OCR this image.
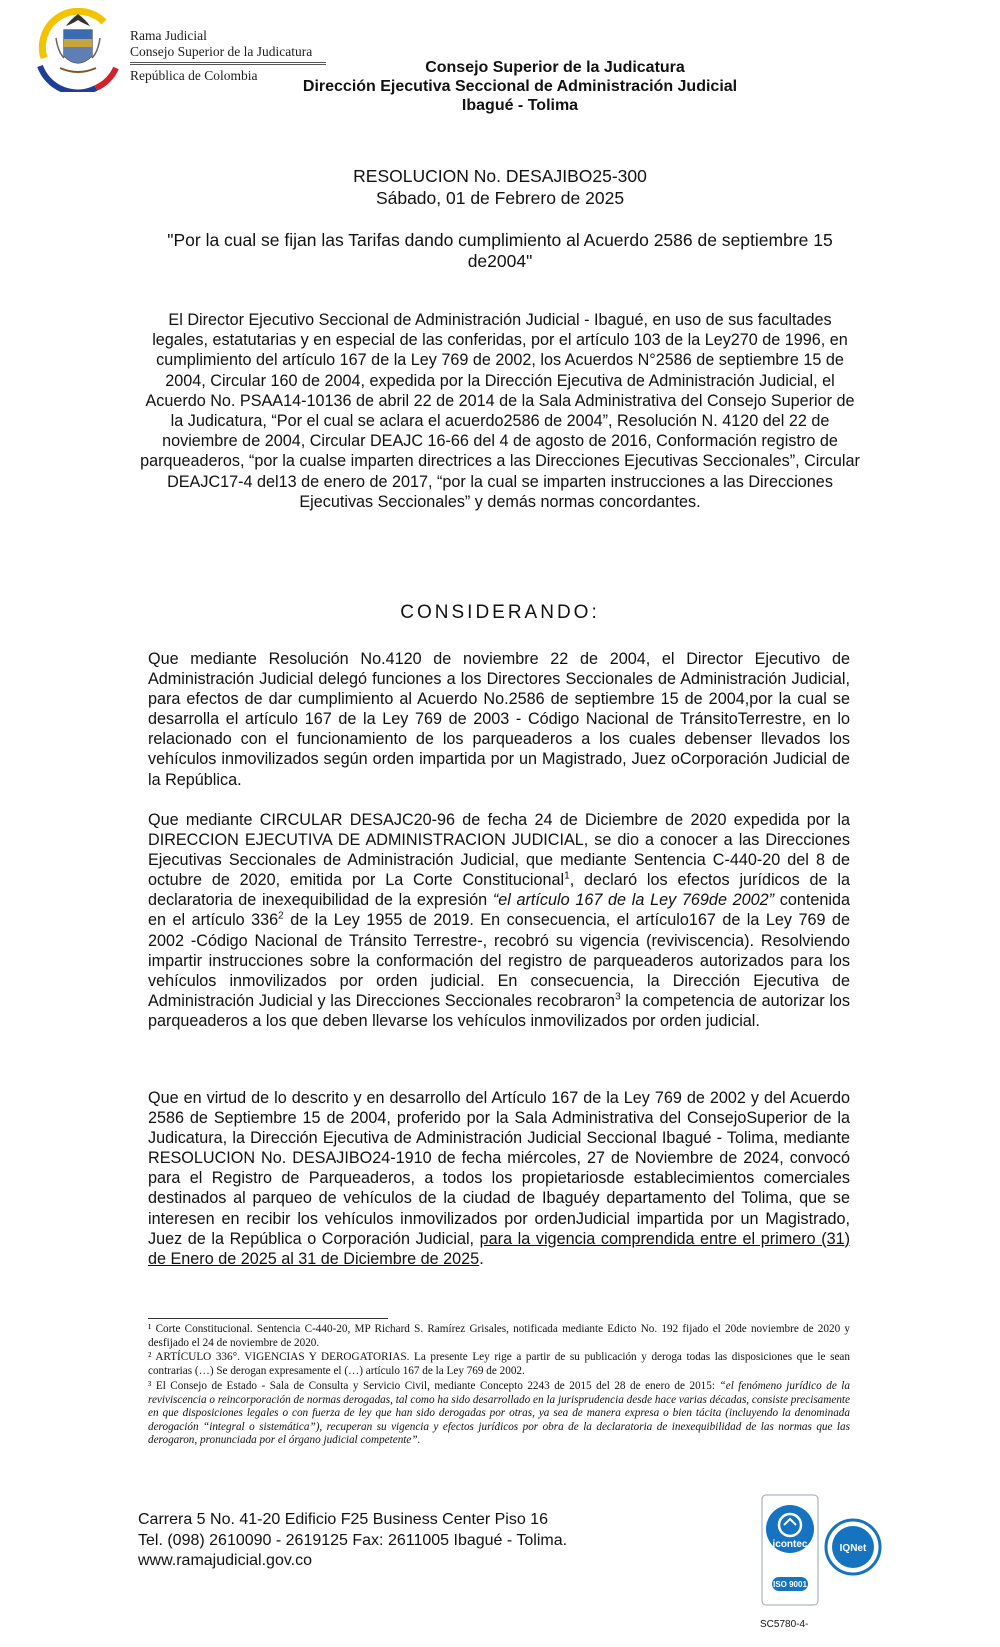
Rama Judicial
Consejo Superior de la Judicatura
República de Colombia	Consejo Superior de la Judicatura
Dirección Ejecutiva Seccional de Administración Judicial
Ibagué - Tolima
RESOLUCION No. DESAJIBO25-300
Sábado, 01 de Febrero de 2025
"Por la cual se fijan las Tarifas dando cumplimiento al Acuerdo 2586 de septiembre 15 de2004"
El Director Ejecutivo Seccional de Administración Judicial - Ibagué, en uso de sus facultades legales, estatutarias y en especial de las conferidas, por el artículo 103 de la Ley270 de 1996, en cumplimiento del artículo 167 de la Ley 769 de 2002, los Acuerdos N°2586 de septiembre 15 de 2004, Circular 160 de 2004, expedida por la Dirección Ejecutiva de Administración Judicial, el Acuerdo No. PSAA14-10136 de abril 22 de 2014 de la Sala Administrativa del Consejo Superior de la Judicatura, “Por el cual se aclara el acuerdo2586 de 2004”, Resolución N. 4120 del 22 de noviembre de 2004, Circular DEAJC 16-66 del 4 de agosto de 2016, Conformación registro de parqueaderos, “por la cualse imparten directrices a las Direcciones Ejecutivas Seccionales”, Circular DEAJC17-4 del13 de enero de 2017, “por la cual se imparten instrucciones a las Direcciones Ejecutivas Seccionales” y demás normas concordantes.
CONSIDERANDO:
Que mediante Resolución No.4120 de noviembre 22 de 2004, el Director Ejecutivo de Administración Judicial delegó funciones a los Directores Seccionales de Administración Judicial, para efectos de dar cumplimiento al Acuerdo No.2586 de septiembre 15 de 2004,por la cual se desarrolla el artículo 167 de la Ley 769 de 2003 - Código Nacional de TránsitoTerrestre, en lo relacionado con el funcionamiento de los parqueaderos a los cuales debenser llevados los vehículos inmovilizados según orden impartida por un Magistrado, Juez oCorporación Judicial de la República.
Que mediante CIRCULAR DESAJC20-96 de fecha 24 de Diciembre de 2020 expedida por la DIRECCION EJECUTIVA DE ADMINISTRACION JUDICIAL, se dio a conocer a las Direcciones Ejecutivas Seccionales de Administración Judicial, que mediante Sentencia C-440-20 del 8 de octubre de 2020, emitida por La Corte Constitucional$^1$, declaró los efectos jurídicos de la declaratoria de inexequibilidad de la expresión “el artículo 167 de la Ley 769de 2002” contenida en el artículo $336^2$ de la Ley 1955 de 2019. En consecuencia, el artículo167 de la Ley 769 de 2002 -Código Nacional de Tránsito Terrestre-, recobró su vigencia (reviviscencia). Resolviendo impartir instrucciones sobre la conformación del registro de parqueaderos autorizados para los vehículos inmovilizados por orden judicial. En consecuencia, la Dirección Ejecutiva de Administración Judicial y las Direcciones Seccionales recobraron$^3$ la competencia de autorizar los parqueaderos a los que deben llevarse los vehículos inmovilizados por orden judicial.
Que en virtud de lo descrito y en desarrollo del Artículo 167 de la Ley 769 de 2002 y del Acuerdo 2586 de Septiembre 15 de 2004, proferido por la Sala Administrativa del ConsejoSuperior de la Judicatura, la Dirección Ejecutiva de Administración Judicial Seccional Ibagué - Tolima, mediante RESOLUCION No. DESAJIBO24-1910 de fecha miércoles, 27 de Noviembre de 2024, convocó para el Registro de Parqueaderos, a todos los propietariosde establecimientos comerciales destinados al parqueo de vehículos de la ciudad de Ibaguéy departamento del Tolima, que se interesen en recibir los vehículos inmovilizados por ordenJudicial impartida por un Magistrado, Juez de la República o Corporación Judicial, para la vigencia comprendida entre el primero (31) de Enero de 2025 al 31 de Diciembre de 2025.
¹ Corte Constitucional. Sentencia C-440-20, MP Richard S. Ramírez Grisales, notificada mediante Edicto No. 192 fijado el 20de noviembre de 2020 y desfijado el 24 de noviembre de 2020.
² ARTÍCULO 336°. VIGENCIAS Y DEROGATORIAS. La presente Ley rige a partir de su publicación y deroga todas las disposiciones que le sean contrarias (…) Se derogan expresamente el (…) artículo 167 de la Ley 769 de 2002.
³ El Consejo de Estado - Sala de Consulta y Servicio Civil, mediante Concepto 2243 de 2015 del 28 de enero de 2015: “el fenómeno jurídico de la reviviscencia o reincorporación de normas derogadas, tal como ha sido desarrollado en la jurisprudencia desde hace varias décadas, consiste precisamente en que disposiciones legales o con fuerza de ley que han sido derogadas por otras, ya sea de manera expresa o bien tácita (incluyendo la denominada derogación “integral o sistemática”), recuperan su vigencia y efectos jurídicos por obra de la declaratoria de inexequibilidad de las normas que las derogaron, pronunciada por el órgano judicial competente”.
Carrera 5 No. 41-20 Edificio F25 Business Center Piso 16
Tel. (098) 2610090 - 2619125 Fax: 2611005 Ibagué - Tolima.
www.ramajudicial.gov.co
icontec
ISO 9001
IQNet
SC5780-4-
